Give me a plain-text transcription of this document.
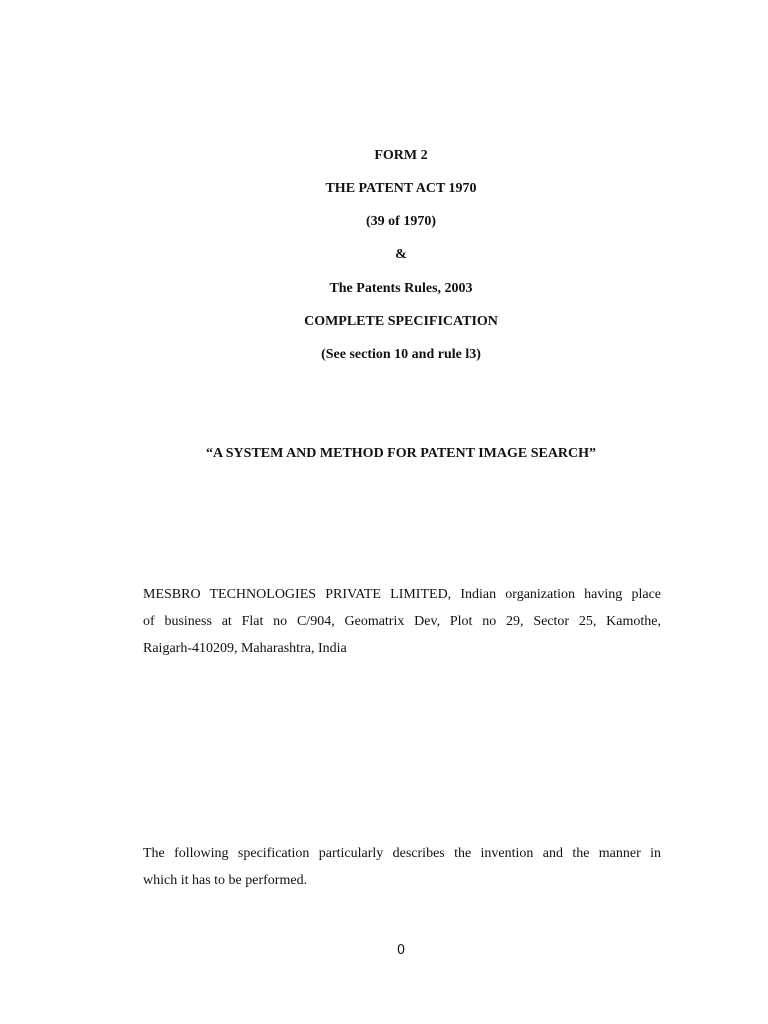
FORM 2
THE PATENT ACT 1970
(39 of 1970)
&
The Patents Rules, 2003
COMPLETE SPECIFICATION
(See section 10 and rule l3)
“A SYSTEM AND METHOD FOR PATENT IMAGE SEARCH”
MESBRO TECHNOLOGIES PRIVATE LIMITED, Indian organization having place
of business at Flat no C/904, Geomatrix Dev, Plot no 29, Sector 25, Kamothe,
Raigarh-410209, Maharashtra, India
The following specification particularly describes the invention and the manner in
which it has to be performed.
0
